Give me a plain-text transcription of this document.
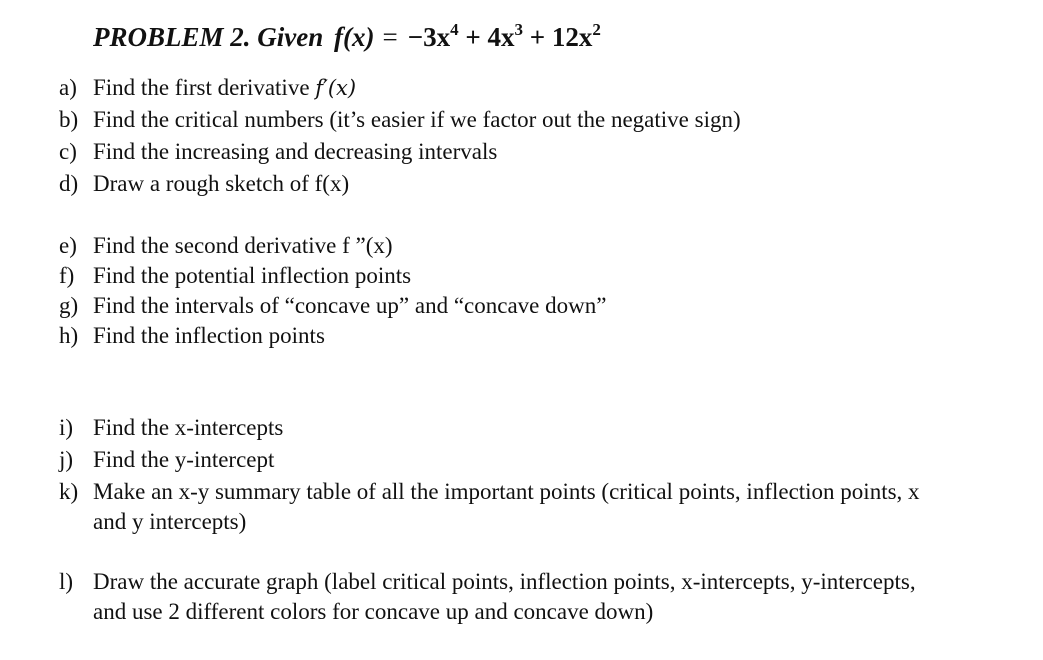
PROBLEM 2. Given $f(x) = -3x^4 + 4x^3 + 12x^2$
a) Find the first derivative f′(x)
b) Find the critical numbers (it’s easier if we factor out the negative sign)
c) Find the increasing and decreasing intervals
d) Draw a rough sketch of f(x)
e) Find the second derivative f ”(x)
f) Find the potential inflection points
g) Find the intervals of “concave up” and “concave down”
h) Find the inflection points
i) Find the x-intercepts
j) Find the y-intercept
k) Make an x-y summary table of all the important points (critical points, inflection points, x
and y intercepts)
l) Draw the accurate graph (label critical points, inflection points, x-intercepts, y-intercepts,
and use 2 different colors for concave up and concave down)
